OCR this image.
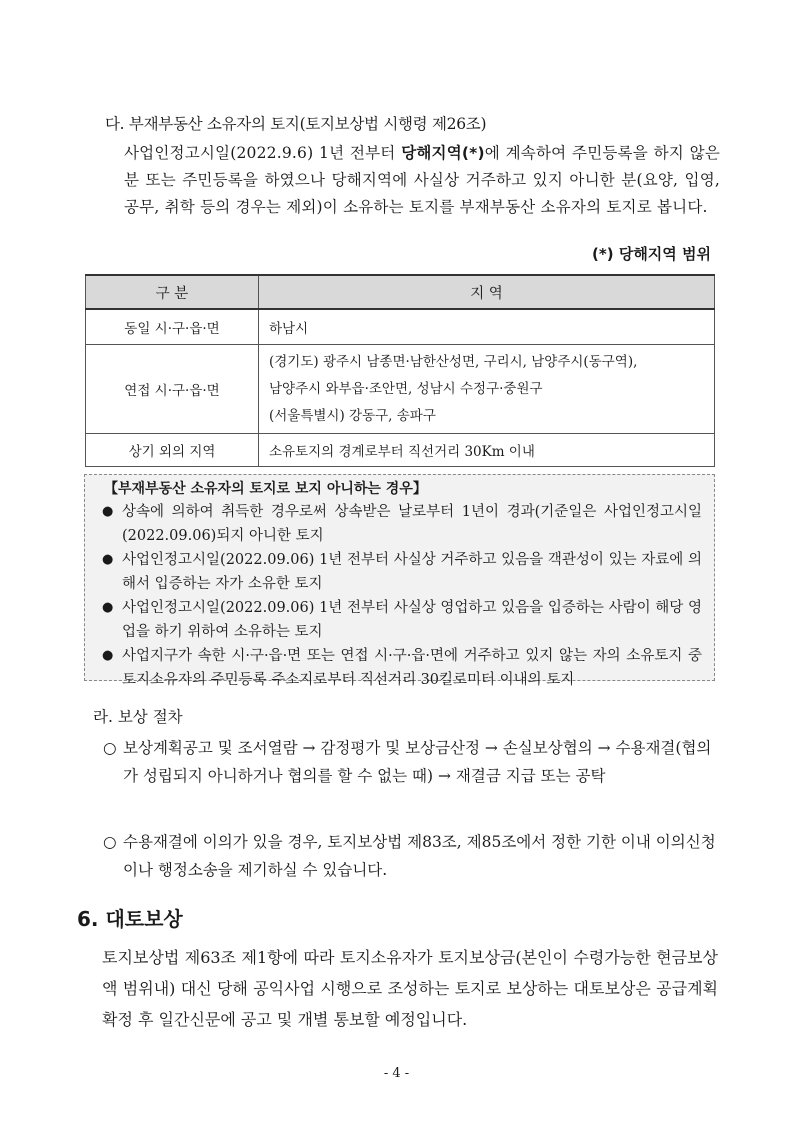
다. 부재부동산 소유자의 토지(토지보상법 시행령 제26조)
사업인정고시일(2022.9.6) 1년 전부터 당해지역(*)에 계속하여 주민등록을 하지 않은 분 또는 주민등록을 하였으나 당해지역에 사실상 거주하고 있지 아니한 분(요양, 입영, 공무, 취학 등의 경우는 제외)이 소유하는 토지를 부재부동산 소유자의 토지로 봅니다.
(*) 당해지역 범위
구 분	지 역
동일 시·구·읍·면	하남시
연접 시·구·읍·면	(경기도) 광주시 남종면·남한산성면, 구리시, 남양주시(동구역),
남양주시 와부읍·조안면, 성남시 수정구·중원구
(서울특별시) 강동구, 송파구

상기 외의 지역	소유토지의 경계로부터 직선거리 30Km 이내
【부재부동산 소유자의 토지로 보지 아니하는 경우】
● 상속에 의하여 취득한 경우로써 상속받은 날로부터 1년이 경과(기준일은 사업인정고시일(2022.09.06)되지 아니한 토지
● 사업인정고시일(2022.09.06) 1년 전부터 사실상 거주하고 있음을 객관성이 있는 자료에 의해서 입증하는 자가 소유한 토지
● 사업인정고시일(2022.09.06) 1년 전부터 사실상 영업하고 있음을 입증하는 사람이 해당 영업을 하기 위하여 소유하는 토지
● 사업지구가 속한 시·구·읍·면 또는 연접 시·구·읍·면에 거주하고 있지 않는 자의 소유토지 중 토지소유자의 주민등록 주소지로부터 직선거리 30킬로미터 이내의 토지
라. 보상 절차
○ 보상계획공고 및 조서열람 → 감정평가 및 보상금산정 → 손실보상협의 → 수용재결(협의가 성립되지 아니하거나 협의를 할 수 없는 때) → 재결금 지급 또는 공탁
○ 수용재결에 이의가 있을 경우, 토지보상법 제83조, 제85조에서 정한 기한 이내 이의신청이나 행정소송을 제기하실 수 있습니다.
6. 대토보상
토지보상법 제63조 제1항에 따라 토지소유자가 토지보상금(본인이 수령가능한 현금보상액 범위내) 대신 당해 공익사업 시행으로 조성하는 토지로 보상하는 대토보상은 공급계획 확정 후 일간신문에 공고 및 개별 통보할 예정입니다.
- 4 -
